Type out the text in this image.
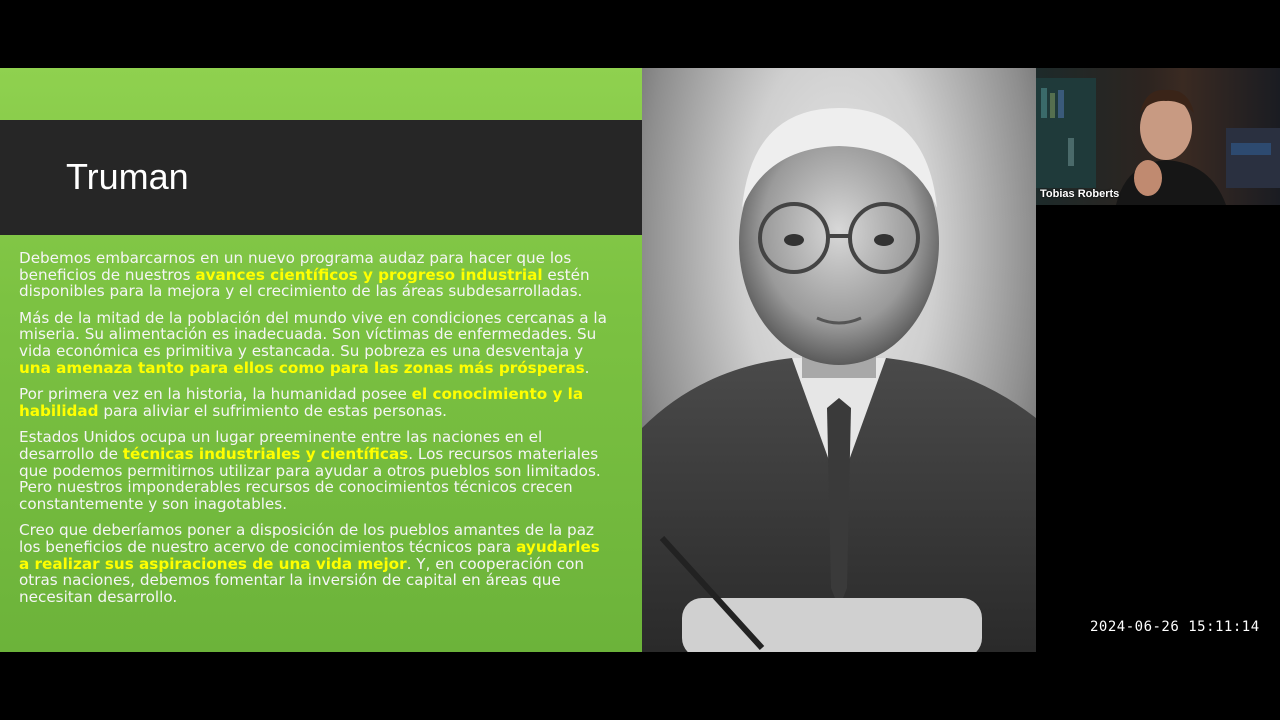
Truman

Debemos embarcarnos en un nuevo programa audaz para hacer que los beneficios de nuestros avances científicos y progreso industrial estén disponibles para la mejora y el crecimiento de las áreas subdesarrolladas.

Más de la mitad de la población del mundo vive en condiciones cercanas a la miseria. Su alimentación es inadecuada. Son víctimas de enfermedades. Su vida económica es primitiva y estancada. Su pobreza es una desventaja y una amenaza tanto para ellos como para las zonas más prósperas.

Por primera vez en la historia, la humanidad posee el conocimiento y la habilidad para aliviar el sufrimiento de estas personas.

Estados Unidos ocupa un lugar preeminente entre las naciones en el desarrollo de técnicas industriales y científicas. Los recursos materiales que podemos permitirnos utilizar para ayudar a otros pueblos son limitados. Pero nuestros imponderables recursos de conocimientos técnicos crecen constantemente y son inagotables.

Creo que deberíamos poner a disposición de los pueblos amantes de la paz los beneficios de nuestro acervo de conocimientos técnicos para ayudarles a realizar sus aspiraciones de una vida mejor. Y, en cooperación con otras naciones, debemos fomentar la inversión de capital en áreas que necesitan desarrollo.

Tobias Roberts
2024-06-26 15:11:14
